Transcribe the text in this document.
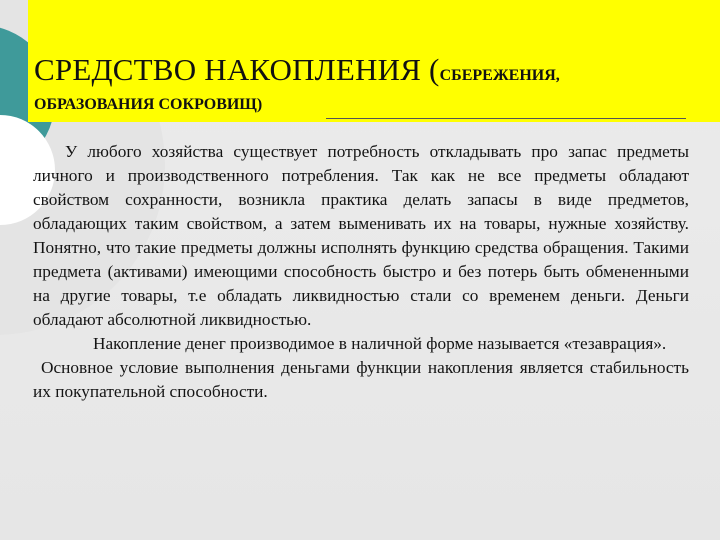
СРЕДСТВО НАКОПЛЕНИЯ (СБЕРЕЖЕНИЯ,
ОБРАЗОВАНИЯ СОКРОВИЩ)

У любого хозяйства существует потребность откладывать про запас предметы личного и производственного потребления. Так как не все предметы обладают свойством сохранности, возникла практика делать запасы в виде предметов, обладающих таким свойством, а затем выменивать их на товары, нужные хозяйству. Понятно, что такие предметы должны исполнять функцию средства обращения. Такими предмета (активами) имеющими способность быстро и без потерь быть обмененными на другие товары, т.е обладать ликвидностью стали со временем деньги. Деньги обладают абсолютной ликвидностью.

Накопление денег производимое в наличной форме называется «тезаврация».

Основное условие выполнения деньгами функции накопления является стабильность их покупательной способности.
